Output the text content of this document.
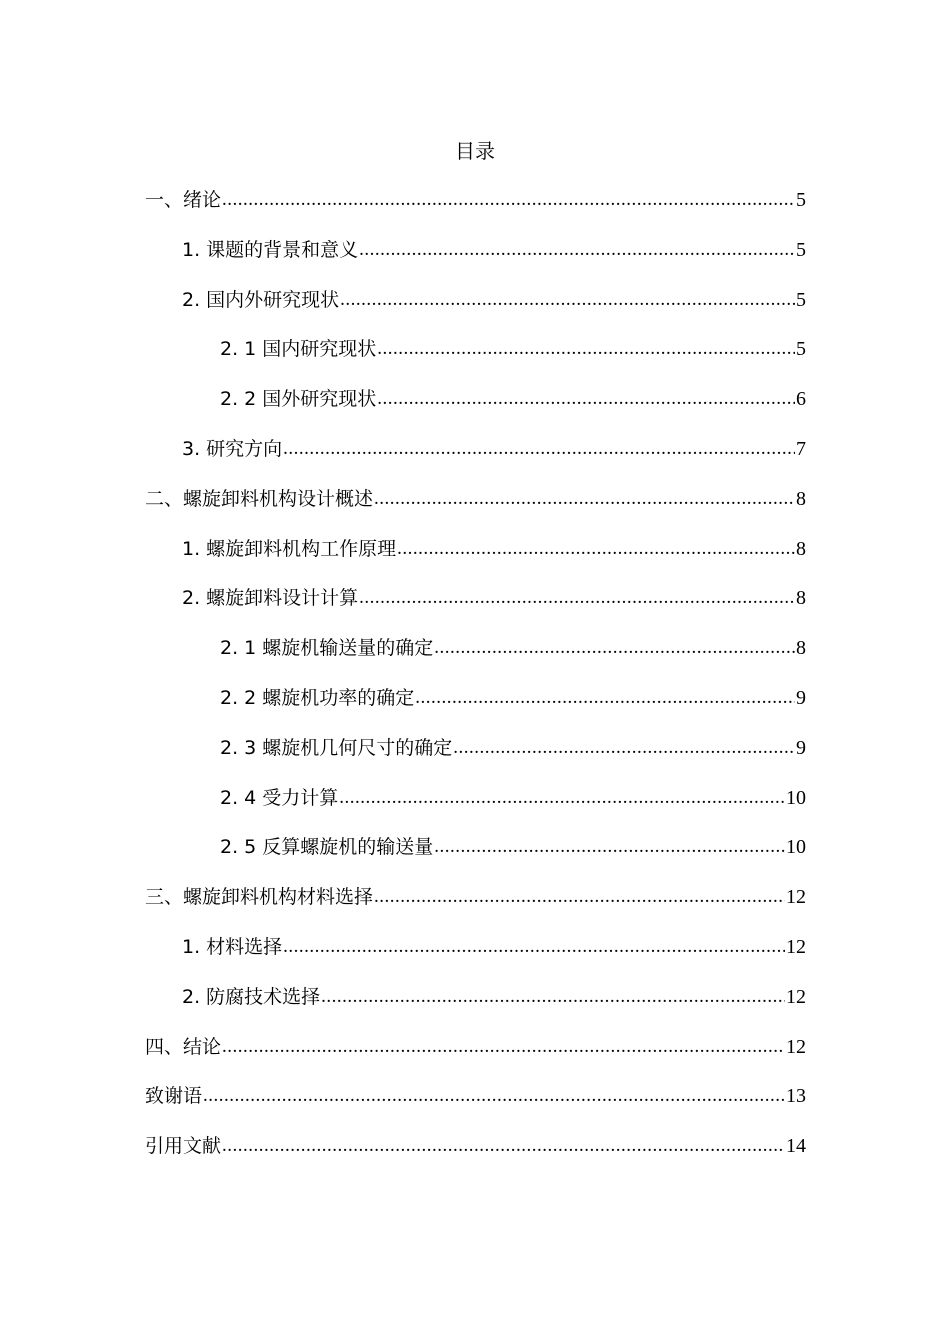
目录
一、绪论 .....	5
1. 课题的背景和意义 .....	5
2. 国内外研究现状 .....	5
2. 1 国内研究现状 .....	5
2. 2 国外研究现状 .....	6
3. 研究方向 .....	7
二、螺旋卸料机构设计概述 .....	8
1. 螺旋卸料机构工作原理 .....	8
2. 螺旋卸料设计计算 .....	8
2. 1 螺旋机输送量的确定 .....	8
2. 2 螺旋机功率的确定 .....	9
2. 3 螺旋机几何尺寸的确定 .....	9
2. 4 受力计算 .....	10
2. 5 反算螺旋机的输送量 .....	10
三、螺旋卸料机构材料选择 .....	12
1. 材料选择 .....	12
2. 防腐技术选择 .....	12
四、结论 .....	12
致谢语 .....	13
引用文献 .....	14
